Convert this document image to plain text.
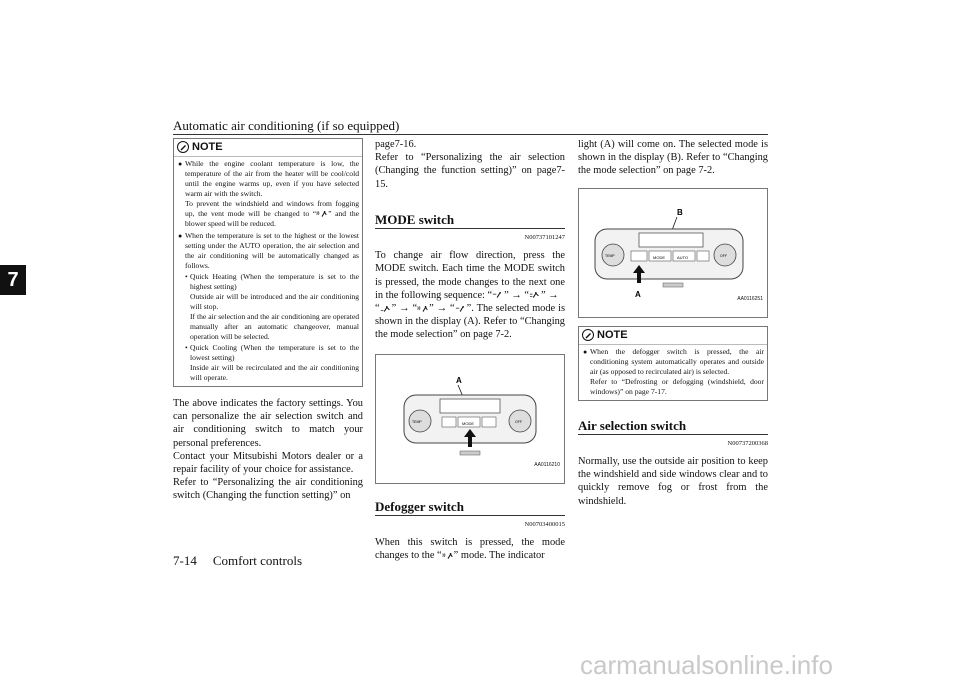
Automatic air conditioning (if so equipped)
7
NOTE
● While the engine coolant temperature is low, the temperature of the air from the heater will be cool/cold until the engine warms up, even if you have selected warm air with the switch.
To prevent the windshield and windows from fogging up, the vent mode will be changed to “ ” and the blower speed will be reduced.
● When the temperature is set to the highest or the lowest setting under the AUTO operation, the air selection and the air conditioning will be automatically changed as follows.
• Quick Heating (When the temperature is set to the highest setting)
Outside air will be introduced and the air conditioning will stop.
If the air selection and the air conditioning are operated manually after an automatic changeover, manual operation will be selected.
• Quick Cooling (When the temperature is set to the lowest setting)
Inside air will be recirculated and the air conditioning will operate.

The above indicates the factory settings. You can personalize the air selection switch and air conditioning switch to match your personal preferences.

Contact your Mitsubishi Motors dealer or a repair facility of your choice for assistance.

Refer to “Personalizing the air conditioning switch (Changing the function setting)” on

page7-16.

Refer to “Personalizing the air selection (Changing the function setting)” on page7-15.

MODE switch
N00737101247

To change air flow direction, press the MODE switch. Each time the MODE switch is pressed, the mode changes to the next one in the following sequence: “ ” → “ ” →
“ ” → “ ” → “ ”. The selected mode is shown in the display (A). Refer to “Changing the mode selection” on page 7-2.

A
MODE
TEMP	OFF
AA0116210
Defogger switch
N00703400015

When this switch is pressed, the mode changes to the “ ” mode. The indicator

light (A) will come on. The selected mode is shown in the display (B). Refer to “Changing the mode selection” on page 7-2.

B
MODE	AUTO
TEMP	OFF
A
AA0116251
NOTE
● When the defogger switch is pressed, the air conditioning system automatically operates and outside air (as opposed to recirculated air) is selected.
Refer to “Defrosting or defogging (windshield, door windows)” on page 7-17.
Air selection switch
N00737200368

Normally, use the outside air position to keep the windshield and side windows clear and to quickly remove fog or frost from the windshield.

7-14 Comfort controls
carmanualsonline.info
